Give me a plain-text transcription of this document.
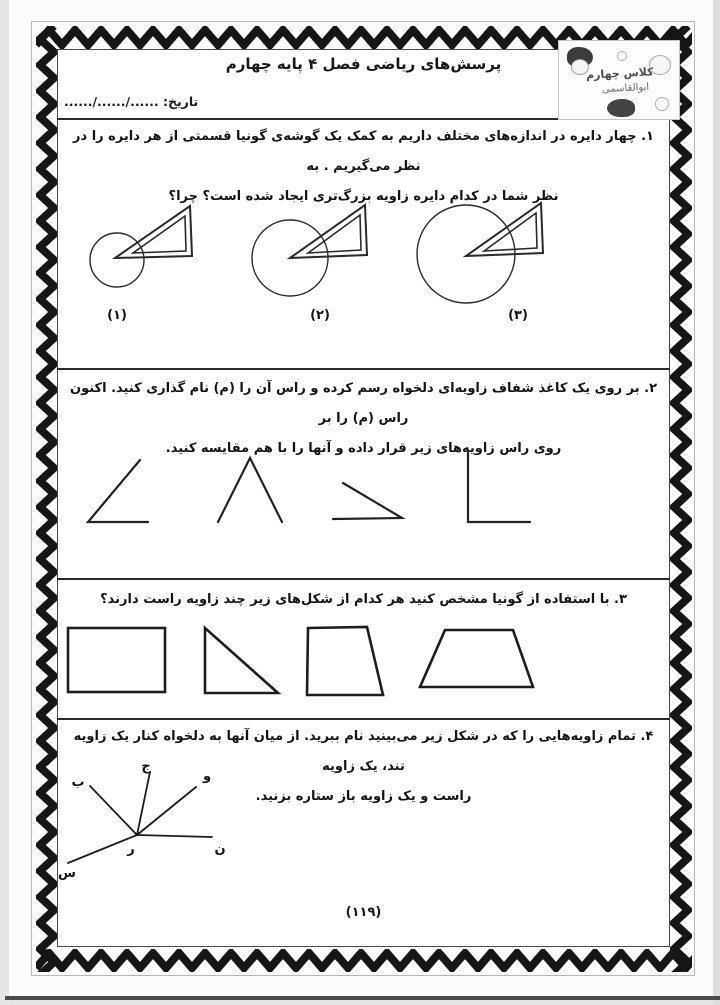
پرسش‌های ریاضی فصل ۴ پایه چهارم
تاریخ: ....../....../......
کلاس چهارم
ابوالقاسمی
۱. چهار دایره در اندازه‌های مختلف داریم به کمک یک گوشه‌ی گونیا قسمتی از هر دایره را در نظر می‌گیریم . به
نظر شما در کدام دایره زاویه بزرگ‌تری ایجاد شده است؟ چرا؟
(۱)	(۲)	(۳)
۲. بر روی یک کاغذ شفاف زاویه‌ای دلخواه رسم کرده و راس آن را (م) نام گذاری کنید. اکنون راس (م) را بر
روی راس زاویه‌های زیر قرار داده و آنها را با هم مقایسه کنید.
۳. با استفاده از گونیا مشخص کنید هر کدام از شکل‌های زیر چند زاویه راست دارند؟
۴. تمام زاویه‌هایی را که در شکل زیر می‌بینید نام ببرید. از میان آنها به دلخواه کنار یک زاویه تند، یک زاویه
راست و یک زاویه باز ستاره بزنید.
ب
ج
و
ن
س
ر
(۱۱۹)
